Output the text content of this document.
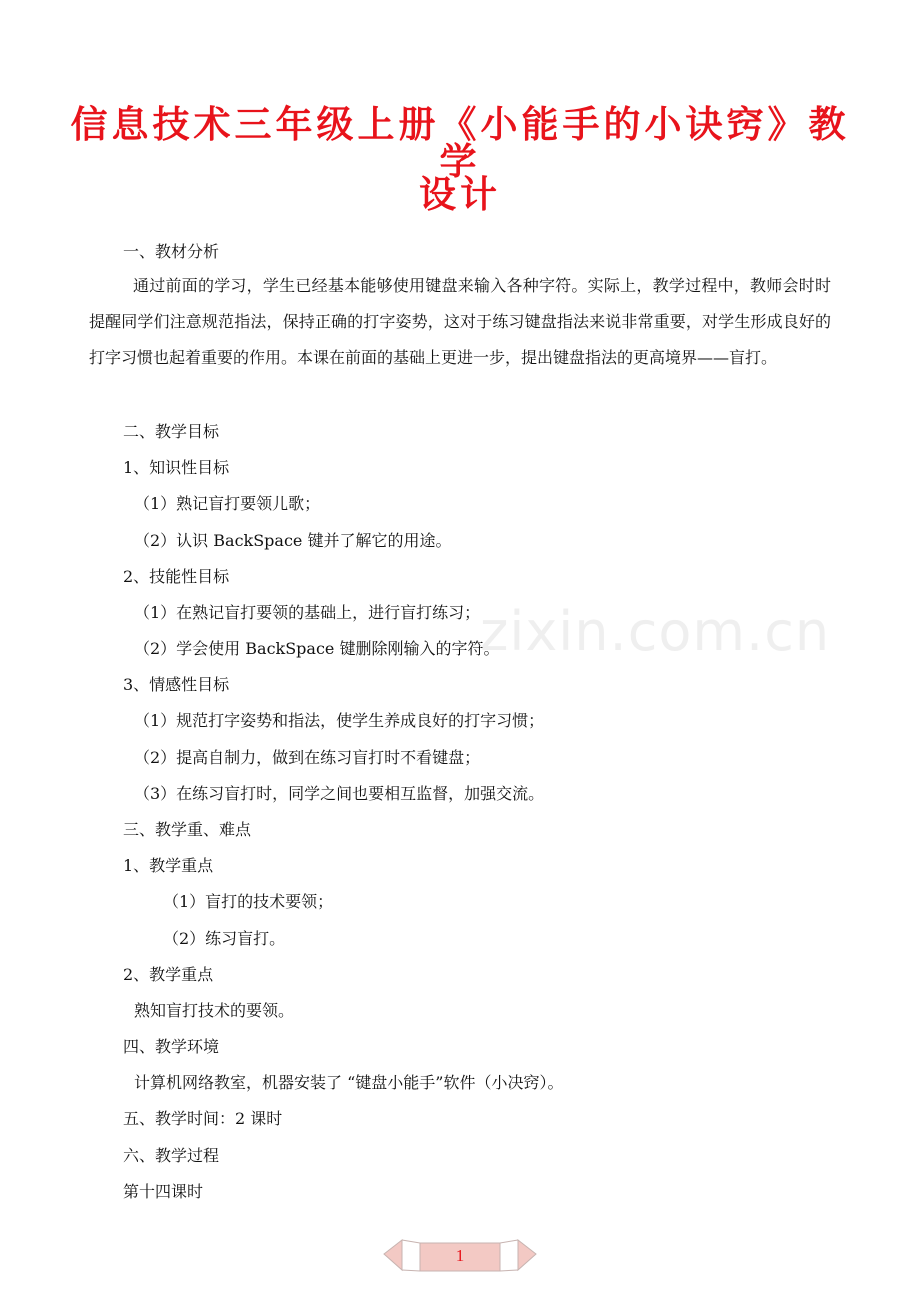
信息技术三年级上册《小能手的小诀窍》教学
设计
一、教材分析
通过前面的学习，学生已经基本能够使用键盘来输入各种字符。实际上，教学过程中，教师会时时提醒同学们注意规范指法，保持正确的打字姿势，这对于练习键盘指法来说非常重要，对学生形成良好的打字习惯也起着重要的作用。本课在前面的基础上更进一步，提出键盘指法的更高境界——盲打。
二、教学目标
1、知识性目标
（1）熟记盲打要领儿歌；
（2）认识 BackSpace 键并了解它的用途。
2、技能性目标
（1）在熟记盲打要领的基础上，进行盲打练习；
（2）学会使用 BackSpace 键删除刚输入的字符。
3、情感性目标
（1）规范打字姿势和指法，使学生养成良好的打字习惯；
（2）提高自制力，做到在练习盲打时不看键盘；
（3）在练习盲打时，同学之间也要相互监督，加强交流。
三、教学重、难点
1、教学重点
（1）盲打的技术要领；
（2）练习盲打。
2、教学重点
熟知盲打技术的要领。
四、教学环境
计算机网络教室，机器安装了 “键盘小能手”软件（小决窍）。
五、教学时间：2 课时
六、教学过程
第十四课时
zixin.com.cn
1
